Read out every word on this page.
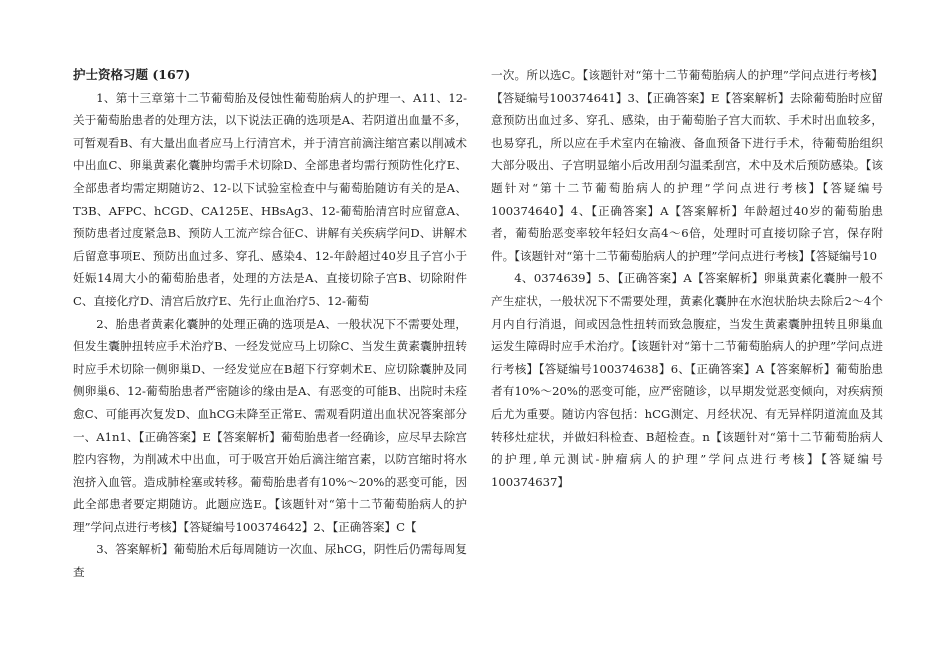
护士资格习题 (167)

1、第十三章第十二节葡萄胎及侵蚀性葡萄胎病人的护理一、A11、12-关于葡萄胎患者的处理方法，以下说法正确的选项是A、若阴道出血量不多，可暂观看B、有大量出血者应马上行清宫术，并于清宫前滴注缩宫素以削减术中出血C、卵巢黄素化囊肿均需手术切除D、全部患者均需行预防性化疗E、全部患者均需定期随访2、12-以下试验室检查中与葡萄胎随访有关的是A、T3B、AFPC、hCGD、CA125E、HBsAg3、12-葡萄胎清宫时应留意A、预防患者过度紧急B、预防人工流产综合征C、讲解有关疾病学问D、讲解术后留意事项E、预防出血过多、穿孔、感染4、12-年龄超过40岁且子宫小于妊娠14周大小的葡萄胎患者，处理的方法是A、直接切除子宫B、切除附件C、直接化疗D、清宫后放疗E、先行止血治疗5、12-葡萄

2、胎患者黄素化囊肿的处理正确的选项是A、一般状况下不需要处理，但发生囊肿扭转应手术治疗B、一经发觉应马上切除C、当发生黄素囊肿扭转时应手术切除一侧卵巢D、一经发觉应在B超下行穿刺术E、应切除囊肿及同侧卵巢6、12-葡萄胎患者严密随诊的缘由是A、有恶变的可能B、出院时未痊愈C、可能再次复发D、血hCG未降至正常E、需观看阴道出血状况答案部分一、A1n1、【正确答案】E【答案解析】葡萄胎患者一经确诊，应尽早去除宫腔内容物，为削减术中出血，可于吸宫开始后滴注缩宫素，以防宫缩时将水泡挤入血管。造成肺栓塞或转移。葡萄胎患者有10%～20%的恶变可能，因此全部患者要定期随访。此题应选E。【该题针对“第十二节葡萄胎病人的护理”学问点进行考核】【答疑编号100374642】2、【正确答案】C【

3、答案解析】葡萄胎术后每周随访一次血、尿hCG，阴性后仍需每周复查

一次。所以选C。【该题针对“第十二节葡萄胎病人的护理”学问点进行考核】【答疑编号100374641】3、【正确答案】E【答案解析】去除葡萄胎时应留意预防出血过多、穿孔、感染，由于葡萄胎子宫大而软、手术时出血较多，也易穿孔，所以应在手术室内在输液、备血预备下进行手术，待葡萄胎组织大部分吸出、子宫明显缩小后改用刮匀温柔刮宫，术中及术后预防感染。【该题针对“第十二节葡萄胎病人的护理”学问点进行考核】【答疑编号100374640】4、【正确答案】A【答案解析】年龄超过40岁的葡萄胎患者，葡萄胎恶变率较年轻妇女高4～6倍，处理时可直接切除子宫，保存附件。【该题针对“第十二节葡萄胎病人的护理”学问点进行考核】【答疑编号10

4、0374639】5、【正确答案】A【答案解析】卵巢黄素化囊肿一般不产生症状，一般状况下不需要处理，黄素化囊肿在水泡状胎块去除后2～4个月内自行消退，间或因急性扭转而致急腹症，当发生黄素囊肿扭转且卵巢血运发生障碍时应手术治疗。【该题针对“第十二节葡萄胎病人的护理”学问点进行考核】【答疑编号100374638】6、【正确答案】A【答案解析】葡萄胎患者有10%～20%的恶变可能，应严密随诊，以早期发觉恶变倾向，对疾病预后尤为重要。随访内容包括：hCG测定、月经状况、有无异样阴道流血及其转移灶症状，并做妇科检查、B超检查。n【该题针对“第十二节葡萄胎病人的护理,单元测试-肿瘤病人的护理”学问点进行考核】【答疑编号100374637】
